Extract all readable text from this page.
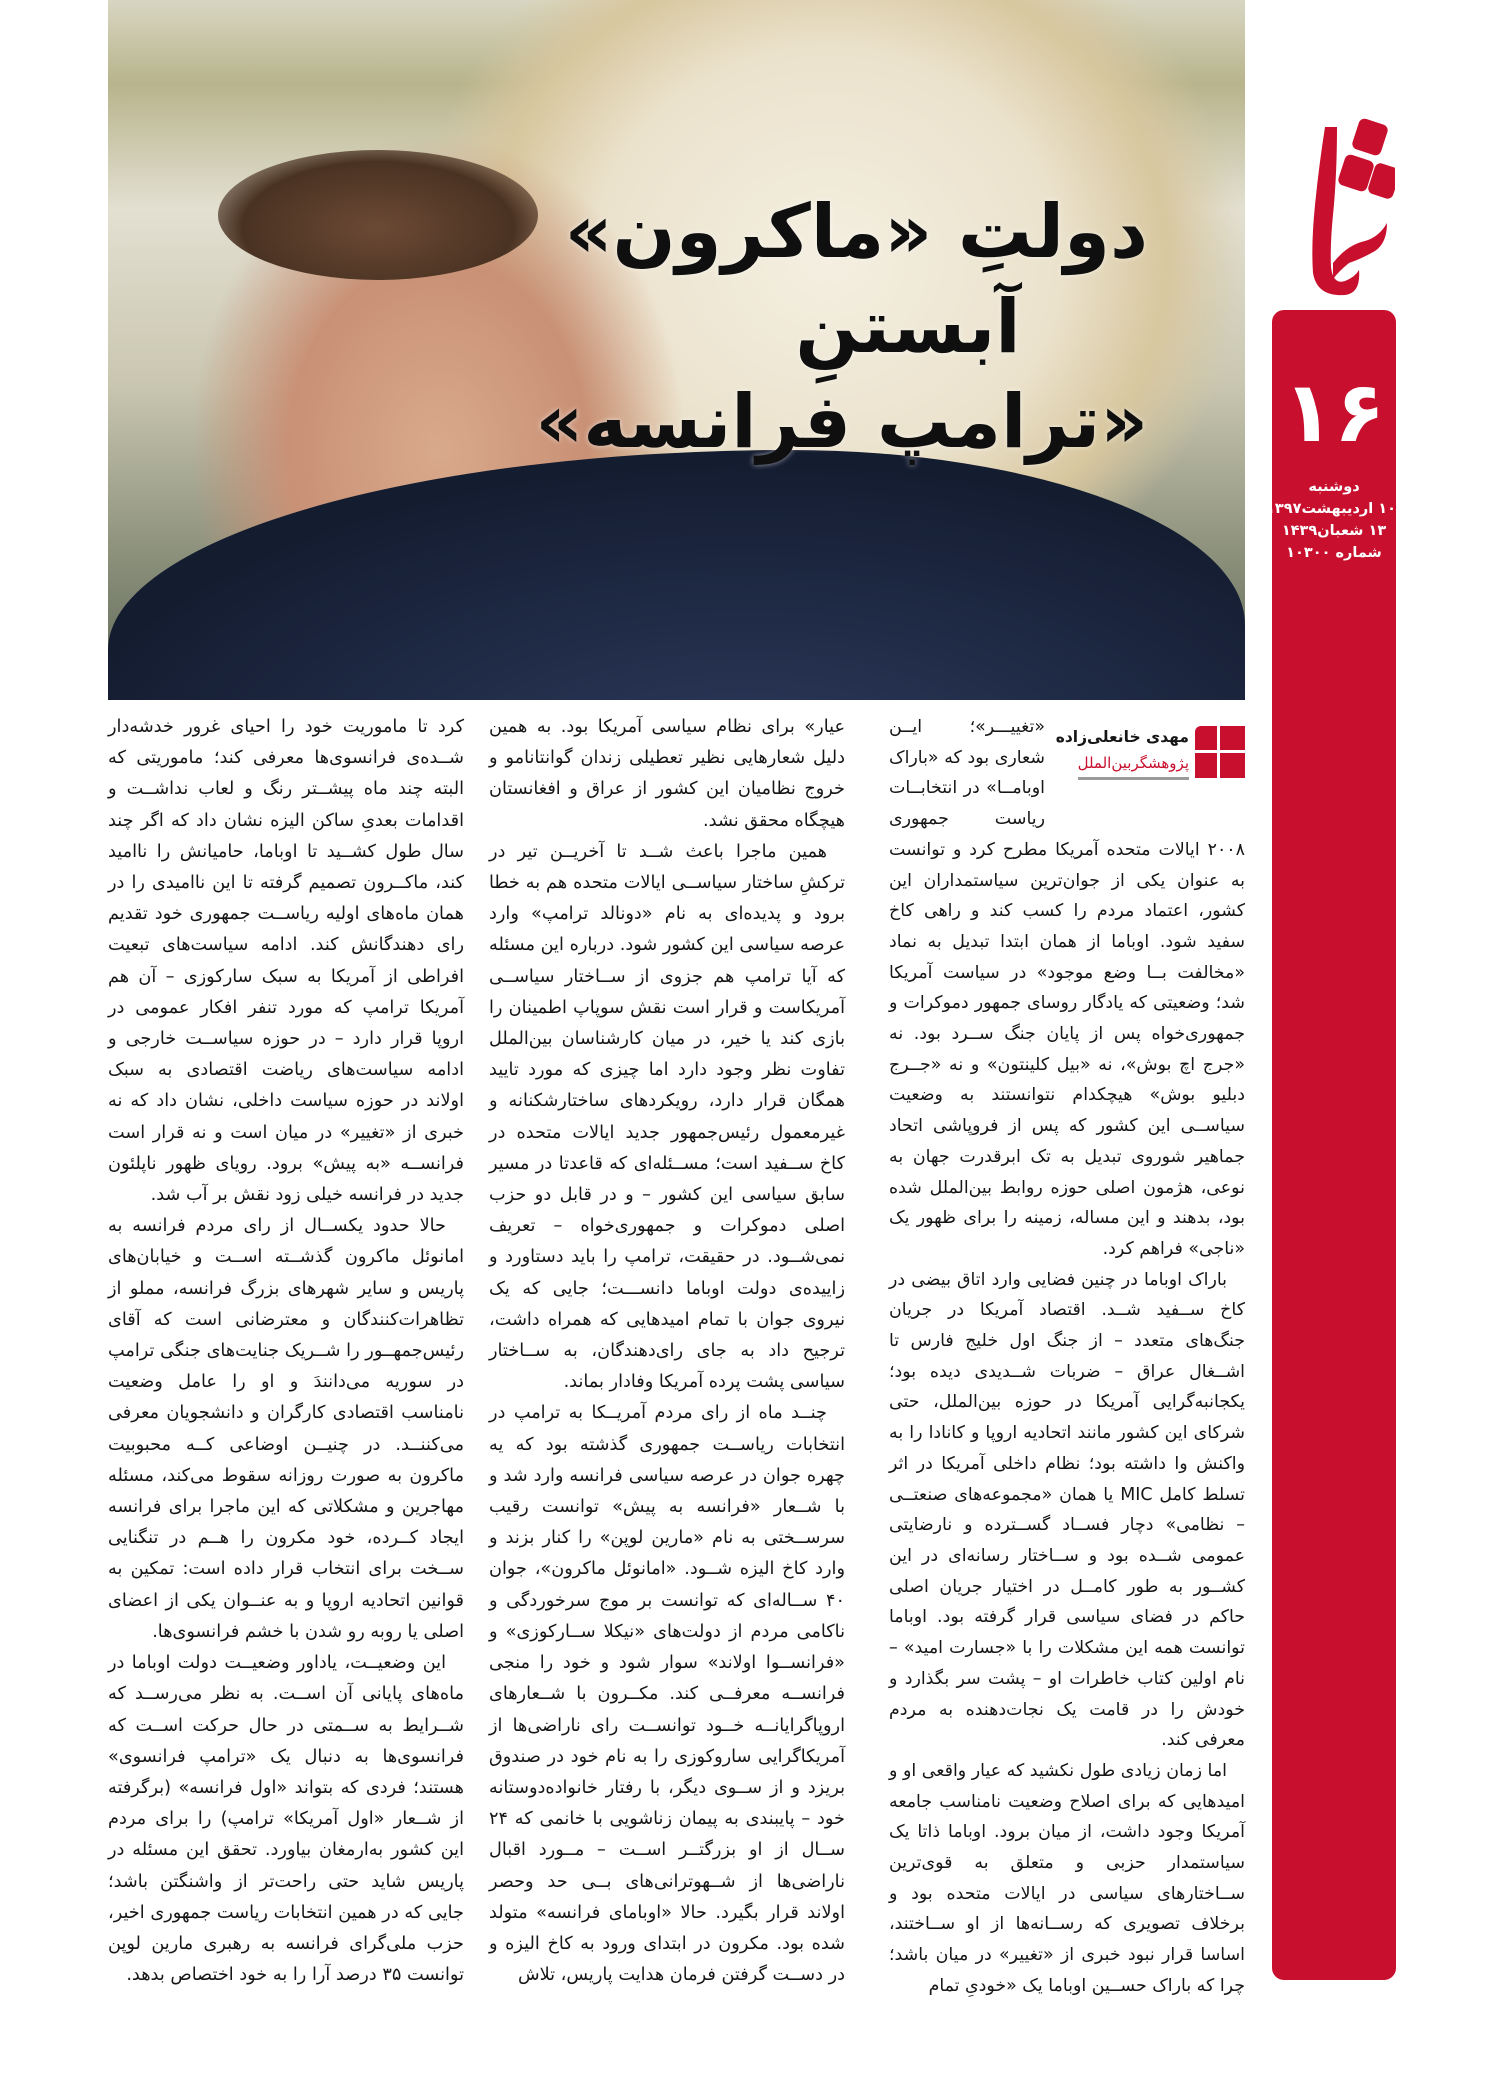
دولتِ «ماکرون»
آبستنِ
«ترامپ فرانسه» ۱۶
دوشنبه
۱۰ اردیبهشت۱۳۹۷
۱۳ شعبان۱۴۳۹
شماره ۱۰۳۰۰
مهدی خانعلی‌زاده
پژوهشگربین‌الملل

«تغییـــر»؛ ایــن شعاری بود که «باراک اوبامــا» در انتخابــات ریاست جمهوری ۲۰۰۸ ایالات متحده آمریکا مطرح کرد و توانست به عنوان یکی از جوان‌ترین سیاستمداران این کشور، اعتماد مردم را کسب کند و راهی کاخ سفید شود. اوباما از همان ابتدا تبدیل به نماد «مخالفت بــا وضع موجود» در سیاست آمریکا شد؛ وضعیتی که یادگار روسای جمهور دموکرات و جمهوری‌خواه پس از پایان جنگ ســرد بود. نه «جرج اچ بوش»، نه «بیل کلینتون» و نه «جــرج دبلیو بوش» هیچکدام نتوانستند به وضعیت سیاســی این کشور که پس از فروپاشی اتحاد جماهیر شوروی تبدیل به تک ابرقدرت جهان به نوعی، هژمون اصلی حوزه روابط بین‌الملل شده بود، بدهند و این مساله، زمینه را برای ظهور یک «ناجی» فراهم کرد.

باراک اوباما در چنین فضایی وارد اتاق بیضی در کاخ ســفید شــد. اقتصاد آمریکا در جریان جنگ‌های متعدد – از جنگ اول خلیج فارس تا اشــغال عراق – ضربات شــدیدی دیده بود؛ یکجانبه‌گرایی آمریکا در حوزه بین‌الملل، حتی شرکای این کشور مانند اتحادیه اروپا و کانادا را به واکنش وا داشته بود؛ نظام داخلی آمریکا در اثر تسلط کامل MIC یا همان «مجموعه‌های صنعتــی – نظامی» دچار فســاد گســترده و نارضایتی عمومی شــده بود و ســاختار رسانه‌ای در این کشــور به طور کامــل در اختیار جریان اصلی حاکم در فضای سیاسی قرار گرفته بود. اوباما توانست همه این مشکلات را با «جسارت امید» – نام اولین کتاب خاطرات او – پشت سر بگذارد و خودش را در قامت یک نجات‌دهنده به مردم معرفی کند.

اما زمان زیادی طول نکشید که عیار واقعی او و امیدهایی که برای اصلاح وضعیت نامناسب جامعه آمریکا وجود داشت، از میان برود. اوباما ذاتا یک سیاستمدار حزبی و متعلق به قوی‌ترین ســاختارهای سیاسی در ایالات متحده بود و برخلاف تصویری که رســانه‌ها از او ســاختند، اساسا قرار نبود خبری از «تغییر» در میان باشد؛ چرا که باراک حســین اوباما یک «خودیِ تمام

عیار» برای نظام سیاسی آمریکا بود. به همین دلیل شعارهایی نظیر تعطیلی زندان گوانتانامو و خروج نظامیان این کشور از عراق و افغانستان هیچگاه محقق نشد.

همین ماجرا باعث شــد تا آخریــن تیر در ترکشِ ساختار سیاســی ایالات متحده هم به خطا برود و پدیده‌ای به نام «دونالد ترامپ» وارد عرصه سیاسی این کشور شود. درباره این مسئله که آیا ترامپ هم جزوی از ســاختار سیاســی آمریکاست و قرار است نقش سوپاپ اطمینان را بازی کند یا خیر، در میان کارشناسان بین‌الملل تفاوت نظر وجود دارد اما چیزی که مورد تایید همگان قرار دارد، رویکردهای ساختارشکنانه و غیرمعمول رئیس‌جمهور جدید ایالات متحده در کاخ ســفید است؛ مســئله‌ای که قاعدتا در مسیر سابق سیاسی این کشور – و در قابل دو حزب اصلی دموکرات و جمهوری‌خواه – تعریف نمی‌شــود. در حقیقت، ترامپ را باید دستاورد و زاییده‌ی دولت اوباما دانســـت؛ جایی که یک نیروی جوان با تمام امیدهایی که همراه داشت، ترجیح داد به جای رای‌دهندگان، به ســاختار سیاسی پشت پرده آمریکا وفادار بماند.

چنــد ماه از رای مردم آمریــکا به ترامپ در انتخابات ریاســت جمهوری گذشته بود که یه چهره جوان در عرصه سیاسی فرانسه وارد شد و با شــعار «فرانسه به پیش» توانست رقیب سرســختی به نام «مارین لوپن» را کنار بزند و وارد کاخ الیزه شــود. «امانوئل ماکرون»، جوان ۴۰ ســاله‌ای که توانست بر موج سرخوردگی و ناکامی مردم از دولت‌های «نیکلا ســارکوزی» و «فرانســوا اولاند» سوار شود و خود را منجی فرانســه معرفــی کند. مکــرون با شــعارهای اروپاگرایانــه خــود توانســت رای ناراضی‌ها از آمریکاگرایی ساروکوزی را به نام خود در صندوق بریزد و از ســوی دیگر، با رفتار خانواده‌دوستانه خود – پایبندی به پیمان زناشویی با خانمی که ۲۴ ســال از او بزرگتــر اســت – مــورد اقبال ناراضی‌ها از شــهوترانی‌های بــی حد وحصر اولاند قرار بگیرد. حالا «اوبامای فرانسه» متولد شده بود. مکرون در ابتدای ورود به کاخ الیزه و در دســت گرفتن فرمان هدایت پاریس، تلاش

کرد تا ماموریت خود را احیای غرور خدشه‌دار شــده‌ی فرانسوی‌ها معرفی کند؛ ماموریتی که البته چند ماه پیشــتر رنگ و لعاب نداشــت و اقدامات بعدیِ ساکن الیزه نشان داد که اگر چند سال طول کشــید تا اوباما، حامیانش را ناامید کند، ماکــرون تصمیم گرفته تا این ناامیدی را در همان ماه‌های اولیه ریاســت جمهوری خود تقدیم رای دهندگانش کند. ادامه سیاست‌های تبعیت افراطی از آمریکا به سبک سارکوزی – آن هم آمریکا ترامپ که مورد تنفر افکار عمومی در اروپا قرار دارد – در حوزه سیاســت خارجی و ادامه سیاست‌های ریاضت اقتصادی به سبک اولاند در حوزه سیاست داخلی، نشان داد که نه خبری از «تغییر» در میان است و نه قرار است فرانســه «به پیش» برود. رویای ظهور ناپلئون جدید در فرانسه خیلی زود نقش بر آب شد.

حالا حدود یکســال از رای مردم فرانسه به امانوئل ماکرون گذشــته اســت و خیابان‌های پاریس و سایر شهرهای بزرگ فرانسه، مملو از تظاهرات‌کنندگان و معترضانی است که آقای رئیس‌جمهــور را شــریک جنایت‌های جنگی ترامپ در سوریه می‌دانندَ و او را عامل وضعیت نامناسب اقتصادی کارگران و دانشجویان معرفی می‌کننــد. در چنیــن اوضاعی کــه محبوبیت ماکرون به صورت روزانه سقوط می‌کند، مسئله مهاجرین و مشکلاتی که این ماجرا برای فرانسه ایجاد کــرده، خود مکرون را هــم در تنگنایی ســخت برای انتخاب قرار داده است: تمکین به قوانین اتحادیه اروپا و به عنــوان یکی از اعضای اصلی یا روبه رو شدن با خشم فرانسوی‌ها.

این وضعیــت، یاداور وضعیــت دولت اوباما در ماه‌های پایانی آن اســت. به نظر می‌رســد که شــرایط به ســمتی در حال حرکت اســت که فرانسوی‌ها به دنبال یک «ترامپ فرانسوی» هستند؛ فردی که بتواند «اول فرانسه» (برگرفته از شــعار «اول آمریکا» ترامپ) را برای مردم این کشور به‌ارمغان بیاورد. تحقق این مسئله در پاریس شاید حتی راحت‌تر از واشنگتن باشد؛ جایی که در همین انتخابات ریاست جمهوری اخیر، حزب ملی‌گرای فرانسه به رهبری مارین لوپن توانست ۳۵ درصد آرا را به خود اختصاص بدهد.
